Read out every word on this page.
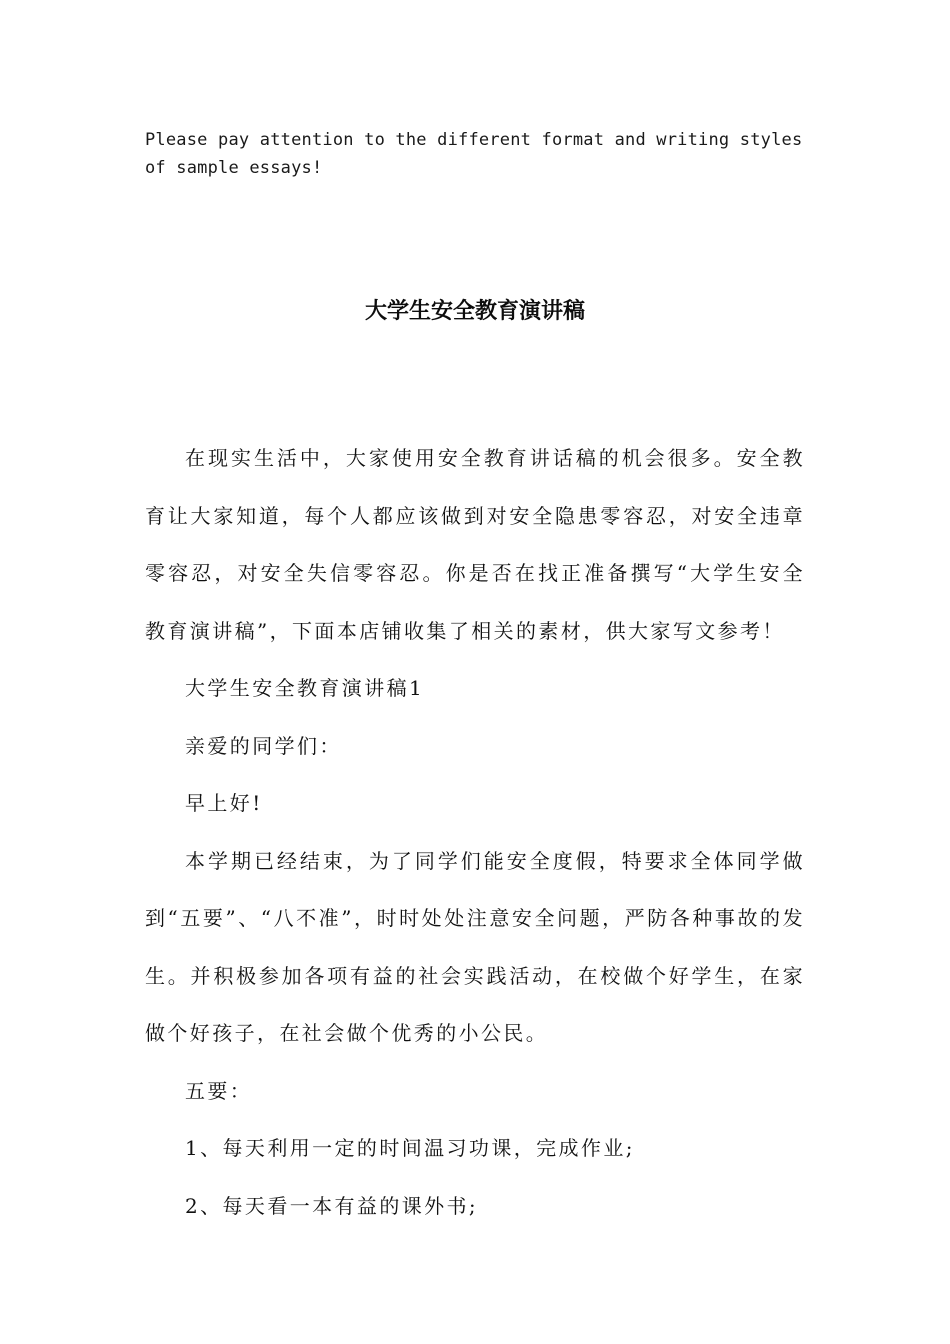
Please pay attention to the different format and writing styles of sample essays!
大学生安全教育演讲稿

在现实生活中，大家使用安全教育讲话稿的机会很多。安全教育让大家知道，每个人都应该做到对安全隐患零容忍，对安全违章零容忍，对安全失信零容忍。你是否在找正准备撰写“大学生安全教育演讲稿”，下面本店铺收集了相关的素材，供大家写文参考！

大学生安全教育演讲稿1

亲爱的同学们：

早上好!

本学期已经结束，为了同学们能安全度假，特要求全体同学做到“五要”、“八不准”，时时处处注意安全问题，严防各种事故的发生。并积极参加各项有益的社会实践活动，在校做个好学生，在家做个好孩子，在社会做个优秀的小公民。

五要：

1、每天利用一定的时间温习功课，完成作业;

2、每天看一本有益的课外书;
